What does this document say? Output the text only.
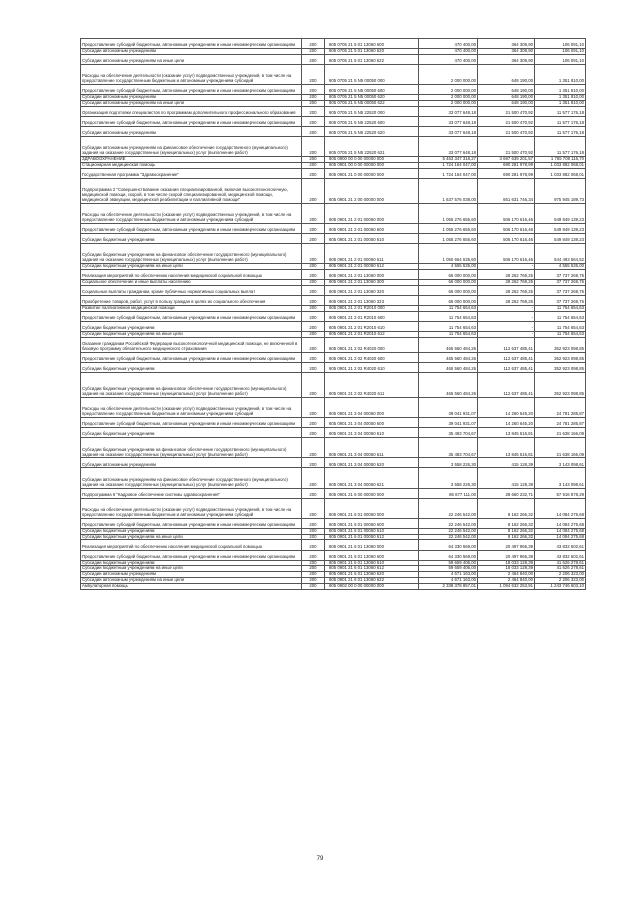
Предоставление субсидий бюджетным, автономным учреждениям и иным некоммерческим организациям	200	805 0705 21 5 01 13060 600	470 400,00	364 308,90	106 091,10
Субсидии автономным учреждениям	200	805 0705 21 5 01 13060 620	470 400,00	364 308,90	106 091,10
Субсидии автономным учреждениям на иные цели	200	805 0705 21 5 01 13060 622	470 400,00	364 308,90	106 091,10
Расходы на обеспечение деятельности (оказание услуг) подведомственных учреждений, в том числе на предоставление государственным бюджетным и автономным учреждениям субсидий	200	805 0705 21 5 N5 00050 000	2 000 000,00	648 190,00	1 351 810,00
Предоставление субсидий бюджетным, автономным учреждениям и иным некоммерческим организациям	200	805 0705 21 5 N5 00050 600	2 000 000,00	648 190,00	1 351 810,00
Субсидии автономным учреждениям	200	805 0705 21 5 N5 00050 620	2 000 000,00	648 190,00	1 351 810,00
Субсидии автономным учреждениям на иные цели	200	805 0705 21 5 N5 00050 622	2 000 000,00	648 190,00	1 351 810,00
Организация подготовки специалистов по программам дополнительного профессионального образования	200	805 0705 21 5 N5 22520 000	33 077 648,18	21 500 470,92	11 577 176,18
Предоставление субсидий бюджетным, автономным учреждениям и иным некоммерческим организациям	200	805 0705 21 5 N5 22520 600	33 077 648,18	21 500 470,92	11 577 176,18
Субсидии автономным учреждениям	200	805 0705 21 5 N5 22520 620	33 077 648,18	21 500 470,92	11 577 176,18
Субсидии автономным учреждениям на финансовое обеспечение государственного (муниципального) задания на оказание государственных (муниципальных) услуг (выполнение работ)	200	805 0705 21 5 N5 22520 621	33 077 648,18	21 500 470,92	11 577 176,18
ЗДРАВООХРАНЕНИЕ	200	805 0900 00 0 00 00000 000	5 463 347 318,27	3 697 639 201,57	1 765 708 116,70
Стационарная медицинская помощь	200	805 0901 00 0 00 00000 000	1 724 164 047,00	690 281 978,99	1 033 882 068,01
Государственная программа "Здравоохранение"	200	805 0901 21 0 00 00000 000	1 724 164 047,00	690 281 978,99	1 033 882 068,01
Подпрограмма 2 "Совершенствование оказания специализированной, включая высокотехнологичную, медицинской помощи, скорой, в том числе скорой специализированной, медицинской помощи, медицинской эвакуации, медицинской реабилитации и паллиативной помощи"	200	805 0901 21 2 00 00000 000	1 637 576 038,00	661 631 746,34	975 945 189,73
Расходы на обеспечение деятельности (оказание услуг) подведомственных учреждений, в том числе на предоставление государственным бюджетным и автономным учреждениям субсидий	200	805 0901 21 2 01 00050 000	1 055 276 655,60	506 170 616,46	549 849 139,23
Предоставление субсидий бюджетным, автономным учреждениям и иным некоммерческим организациям	200	805 0901 21 2 01 00050 600	1 055 276 655,60	506 170 616,46	549 849 139,23
Субсидии бюджетным учреждениям	200	805 0901 21 2 01 00050 610	1 055 276 655,60	506 170 616,46	549 849 139,23
Субсидии бюджетным учреждениям на финансовое обеспечение государственного (муниципального) задания на оказание государственных (муниципальных) услуг (выполнение работ)	200	805 0901 21 2 01 00050 611	1 050 664 635,60	506 170 616,46	544 493 564,52
Субсидии бюджетным учреждениям на иные цели	200	805 0901 21 2 01 00050 612	4 555 535,00	-	4 555 535,00
Реализация мероприятий по обеспечению населения медицинской социальной помощью	200	805 0901 21 2 01 13060 000	66 000 000,00	28 262 769,25	37 737 269,75
Социальное обеспечение и иные выплаты населению	200	805 0901 21 2 01 13060 300	66 000 000,00	28 262 769,25	37 737 269,75
Социальные выплаты гражданам, кроме публичных нормативных социальных выплат	200	805 0901 21 2 01 13060 320	66 000 000,00	28 262 769,25	37 737 269,75
Приобретение товаров, работ, услуг в пользу граждан в целях их социального обеспечения	200	805 0901 21 2 01 13060 323	66 000 000,00	28 262 769,25	37 737 269,75
Развитие паллиативной медицинской помощи	200	805 0901 21 2 01 R2010 000	11 754 654,63	-	11 754 654,63
Предоставление субсидий бюджетным, автономным учреждениям и иным некоммерческим организациям	200	805 0901 21 2 01 R2010 600	11 754 654,63	-	11 754 654,63
Субсидии бюджетным учреждениям	200	805 0901 21 2 01 R2010 610	11 754 654,63	-	11 754 654,63
Субсидии бюджетным учреждениям на иные цели	200	805 0901 21 2 01 R2010 612	11 754 654,63	-	11 754 654,63
Оказание гражданам Российской Федерации высокотехнологичной медицинской помощи, не включенной в базовую программу обязательного медицинского страхования	200	805 0901 21 2 02 R4020 000	465 560 484,26	112 637 485,41	352 923 098,85
Предоставление субсидий бюджетным, автономным учреждениям и иным некоммерческим организациям	200	805 0901 21 2 02 R4020 600	465 560 484,26	112 637 485,41	352 923 098,85
Субсидии бюджетным учреждениям	200	805 0901 21 2 02 R4020 610	465 560 484,26	112 637 485,41	352 923 098,85
Субсидии бюджетным учреждениям на финансовое обеспечение государственного (муниципального) задания на оказание государственных (муниципальных) услуг (выполнение работ)	200	805 0901 21 2 02 R4020 611	465 560 484,26	112 637 485,41	352 923 098,85
Расходы на обеспечение деятельности (оказание услуг) подведомственных учреждений, в том числе на предоставление государственным бюджетным и автономным учреждениям субсидий	200	805 0901 21 3 04 00050 000	39 041 931,07	14 260 645,20	24 781 285,87
Предоставление субсидий бюджетным, автономным учреждениям и иным некоммерческим организациям	200	805 0901 21 3 04 00050 600	39 041 931,07	14 260 645,20	24 781 285,87
Субсидии бюджетным учреждениям	200	805 0901 21 3 04 00050 610	35 483 704,67	13 845 516,81	21 638 166,09
Субсидии бюджетным учреждениям на финансовое обеспечение государственного (муниципального) задания на оказание государственных (муниципальных) услуг (выполнение работ)	200	805 0901 21 3 04 00050 611	35 483 704,67	13 845 516,81	21 638 166,09
Субсидии автономным учреждениям	200	805 0901 21 3 04 00050 620	3 558 226,30	415 128,39	3 143 098,61
Субсидии автономным учреждениям на финансовое обеспечение государственного (муниципального) задания на оказание государственных (муниципальных) услуг (выполнение работ)	200	805 0901 21 3 04 00050 621	3 558 226,30	415 128,39	3 143 098,61
Подпрограмма 6 "Кадровое обеспечение системы здравоохранения"	200	805 0901 21 6 00 00000 000	86 677 111,00	28 660 232,71	57 916 878,29
Расходы на обеспечение деятельности (оказание услуг) подведомственных учреждений, в том числе на предоставление государственным бюджетным и автономным учреждениям субсидий	200	805 0901 21 6 01 00050 000	22 246 542,00	8 162 266,32	14 084 275,68
Предоставление субсидий бюджетным, автономным учреждениям и иным некоммерческим организациям	200	805 0901 21 6 01 00050 600	22 246 542,00	8 162 266,32	14 084 275,68
Субсидии бюджетным учреждениям	200	805 0901 21 6 01 00050 610	22 246 542,00	8 162 266,32	14 084 275,68
Субсидии бюджетным учреждениям на иные цели	200	805 0901 21 6 01 00050 612	22 246 542,00	8 162 266,32	14 084 275,68
Реализация мероприятий по обеспечению населения медицинской социальной помощью	200	805 0901 21 6 01 13060 000	64 330 569,00	20 497 966,39	43 832 602,61
Предоставление субсидий бюджетным, автономным учреждениям и иным некоммерческим организациям	200	805 0901 21 6 01 13060 600	64 330 569,00	20 497 966,39	43 832 602,61
Субсидии бюджетным учреждениям	200	805 0901 21 6 01 13060 610	59 659 406,00	18 033 128,39	41 626 278,61
Субсидии бюджетным учреждениям на иные цели	200	805 0901 21 6 01 13060 612	59 659 406,00	18 033 128,39	41 626 278,61
Субсидии автономным учреждениям	200	805 0901 21 6 01 13060 620	4 671 163,00	2 464 840,00	2 206 323,00
Субсидии автономным учреждениям на иные цели	200	805 0901 21 6 01 13060 622	4 671 163,00	2 464 840,00	2 206 323,00
Амбулаторная помощь	200	805 0902 00 0 00 00000 000	2 338 378 857,01	1 094 632 253,91	1 243 746 603,10
79
